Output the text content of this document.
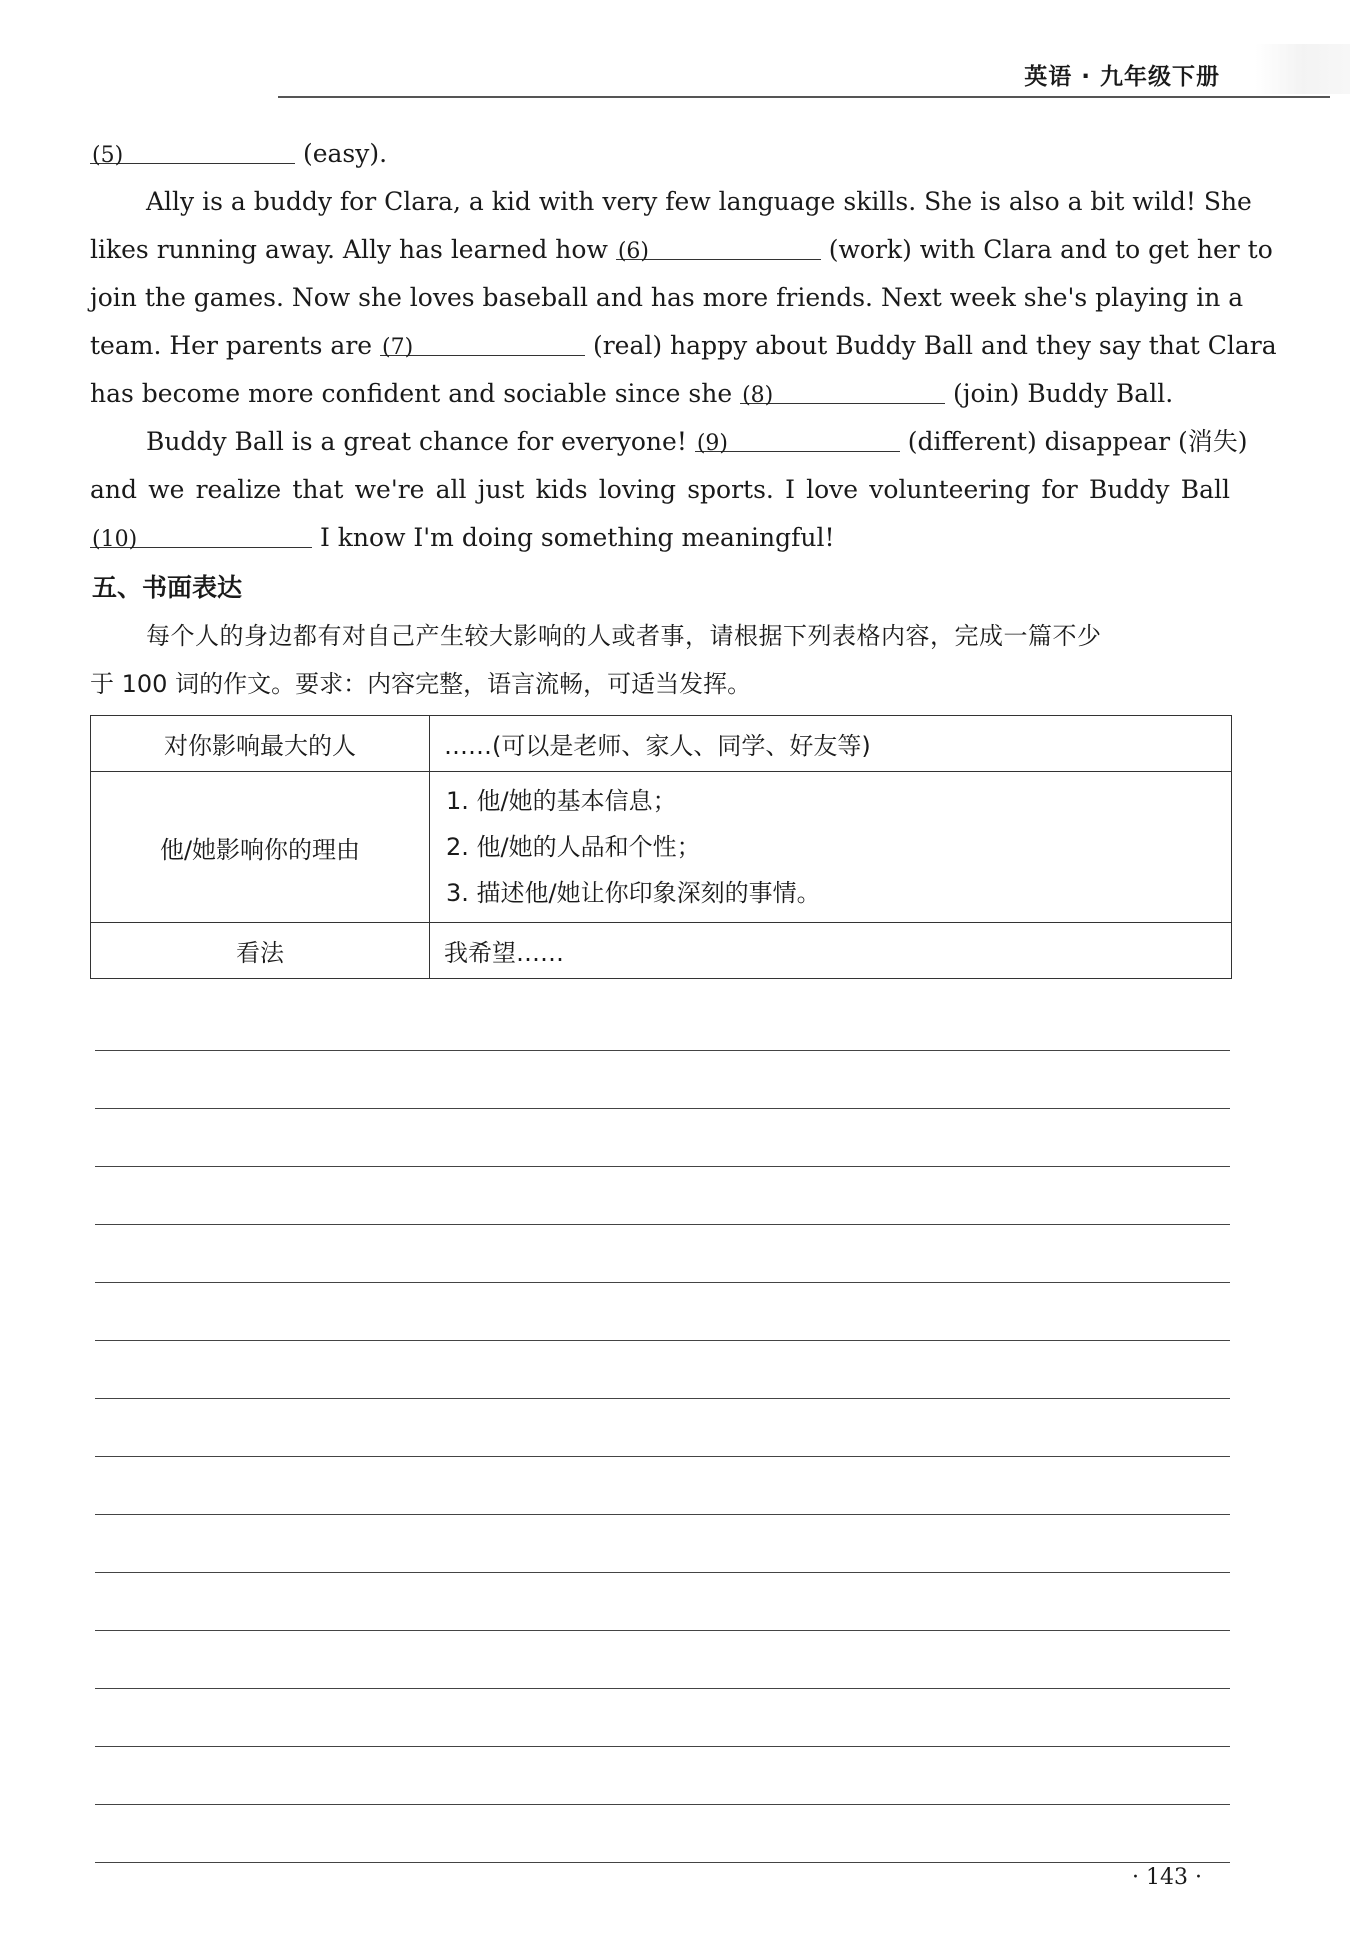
英语 · 九年级下册
(5)	(easy).
Ally is a buddy for Clara, a kid with very few language skills. She is also a bit wild! She
likes running away. Ally has learned how (6)	(work) with Clara and to get her to
join the games. Now she loves baseball and has more friends. Next week she's playing in a
team. Her parents are (7)	(real) happy about Buddy Ball and they say that Clara
has become more confident and sociable since she (8)	(join) Buddy Ball.
Buddy Ball is a great chance for everyone! (9)	(different) disappear (消失)
and we realize that we're all just kids loving sports. I love volunteering for Buddy Ball
(10)	I know I'm doing something meaningful!
五、书面表达
每个人的身边都有对自己产生较大影响的人或者事，请根据下列表格内容，完成一篇不少
于 100 词的作文。要求：内容完整，语言流畅，可适当发挥。
对你影响最大的人	……(可以是老师、家人、同学、好友等)
他/她影响你的理由	1. 他/她的基本信息；
2. 他/她的人品和个性；
3. 描述他/她让你印象深刻的事情。

看法	我希望……
· 143 ·
